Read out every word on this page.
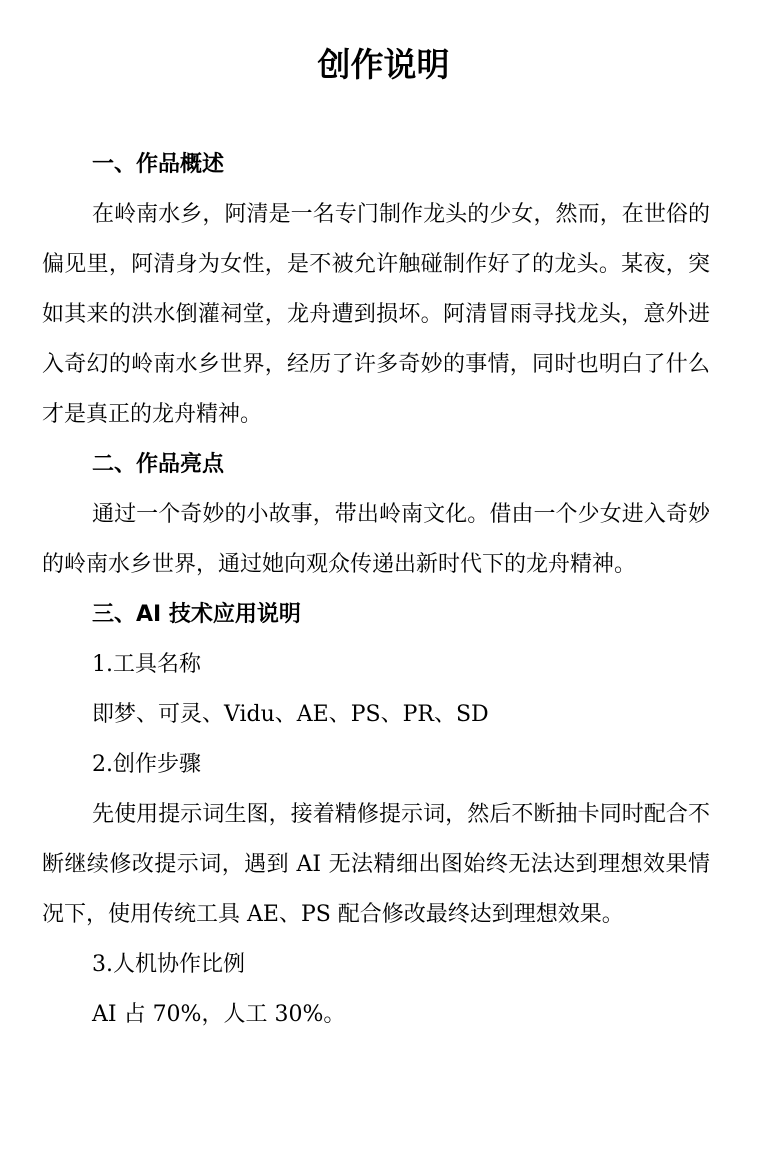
创作说明
一、作品概述

在岭南水乡，阿清是一名专门制作龙头的少女，然而，在世俗的偏见里，阿清身为女性，是不被允许触碰制作好了的龙头。某夜，突如其来的洪水倒灌祠堂，龙舟遭到损坏。阿清冒雨寻找龙头，意外进入奇幻的岭南水乡世界，经历了许多奇妙的事情，同时也明白了什么才是真正的龙舟精神。

二、作品亮点

通过一个奇妙的小故事，带出岭南文化。借由一个少女进入奇妙的岭南水乡世界，通过她向观众传递出新时代下的龙舟精神。

三、AI 技术应用说明

1.工具名称

即梦、可灵、Vidu、AE、PS、PR、SD

2.创作步骤

先使用提示词生图，接着精修提示词，然后不断抽卡同时配合不断继续修改提示词，遇到 AI 无法精细出图始终无法达到理想效果情况下，使用传统工具 AE、PS 配合修改最终达到理想效果。

3.人机协作比例

AI 占 70%，人工 30%。
